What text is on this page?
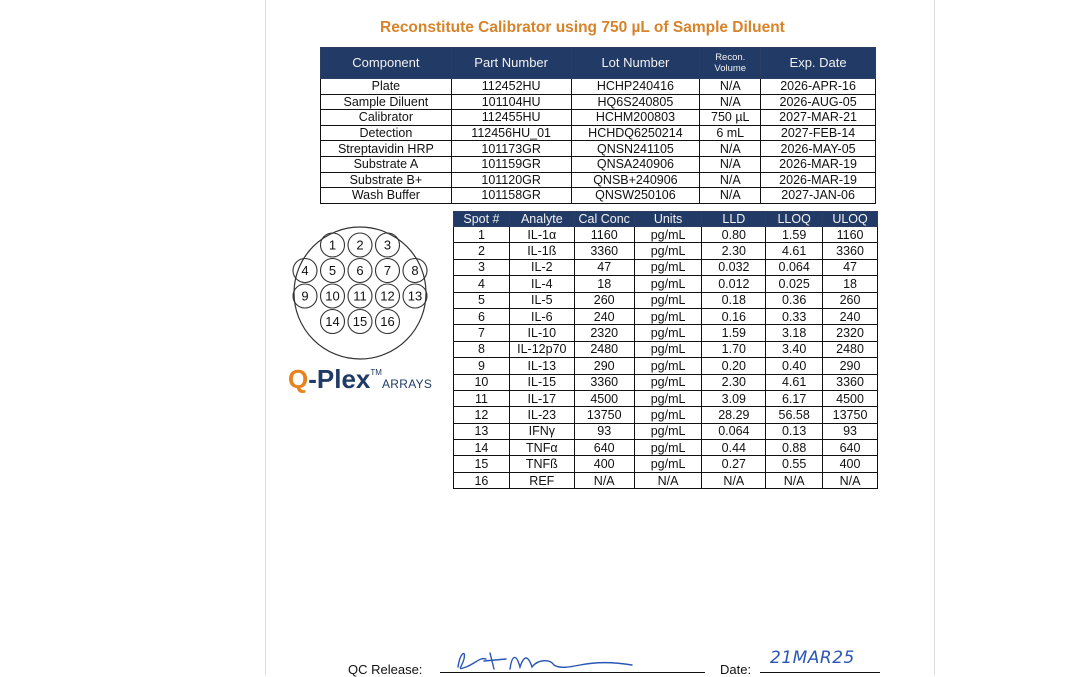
Reconstitute Calibrator using 750 µL of Sample Diluent
Component	Part Number	Lot Number	Recon. Volume	Exp. Date
Plate	112452HU	HCHP240416	N/A	2026-APR-16
Sample Diluent	101104HU	HQ6S240805	N/A	2026-AUG-05
Calibrator	112455HU	HCHM200803	750 µL	2027-MAR-21
Detection	112456HU_01	HCHDQ6250214	6 mL	2027-FEB-14
Streptavidin HRP	101173GR	QNSN241105	N/A	2026-MAY-05
Substrate A	101159GR	QNSA240906	N/A	2026-MAR-19
Substrate B+	101120GR	QNSB+240906	N/A	2026-MAR-19
Wash Buffer	101158GR	QNSW250106	N/A	2027-JAN-06
1 2 3
4 5 6 7 8
9 10 11 12 13
14 15 16
Q-Plex™ARRAYS
Spot #	Analyte	Cal Conc	Units	LLD	LLOQ	ULOQ
1	IL-1α	1160	pg/mL	0.80	1.59	1160
2	IL-1ß	3360	pg/mL	2.30	4.61	3360
3	IL-2	47	pg/mL	0.032	0.064	47
4	IL-4	18	pg/mL	0.012	0.025	18
5	IL-5	260	pg/mL	0.18	0.36	260
6	IL-6	240	pg/mL	0.16	0.33	240
7	IL-10	2320	pg/mL	1.59	3.18	2320
8	IL-12p70	2480	pg/mL	1.70	3.40	2480
9	IL-13	290	pg/mL	0.20	0.40	290
10	IL-15	3360	pg/mL	2.30	4.61	3360
11	IL-17	4500	pg/mL	3.09	6.17	4500
12	IL-23	13750	pg/mL	28.29	56.58	13750
13	IFNγ	93	pg/mL	0.064	0.13	93
14	TNFα	640	pg/mL	0.44	0.88	640
15	TNFß	400	pg/mL	0.27	0.55	400
16	REF	N/A	N/A	N/A	N/A	N/A
QC Release:	Date:
21MAR25
